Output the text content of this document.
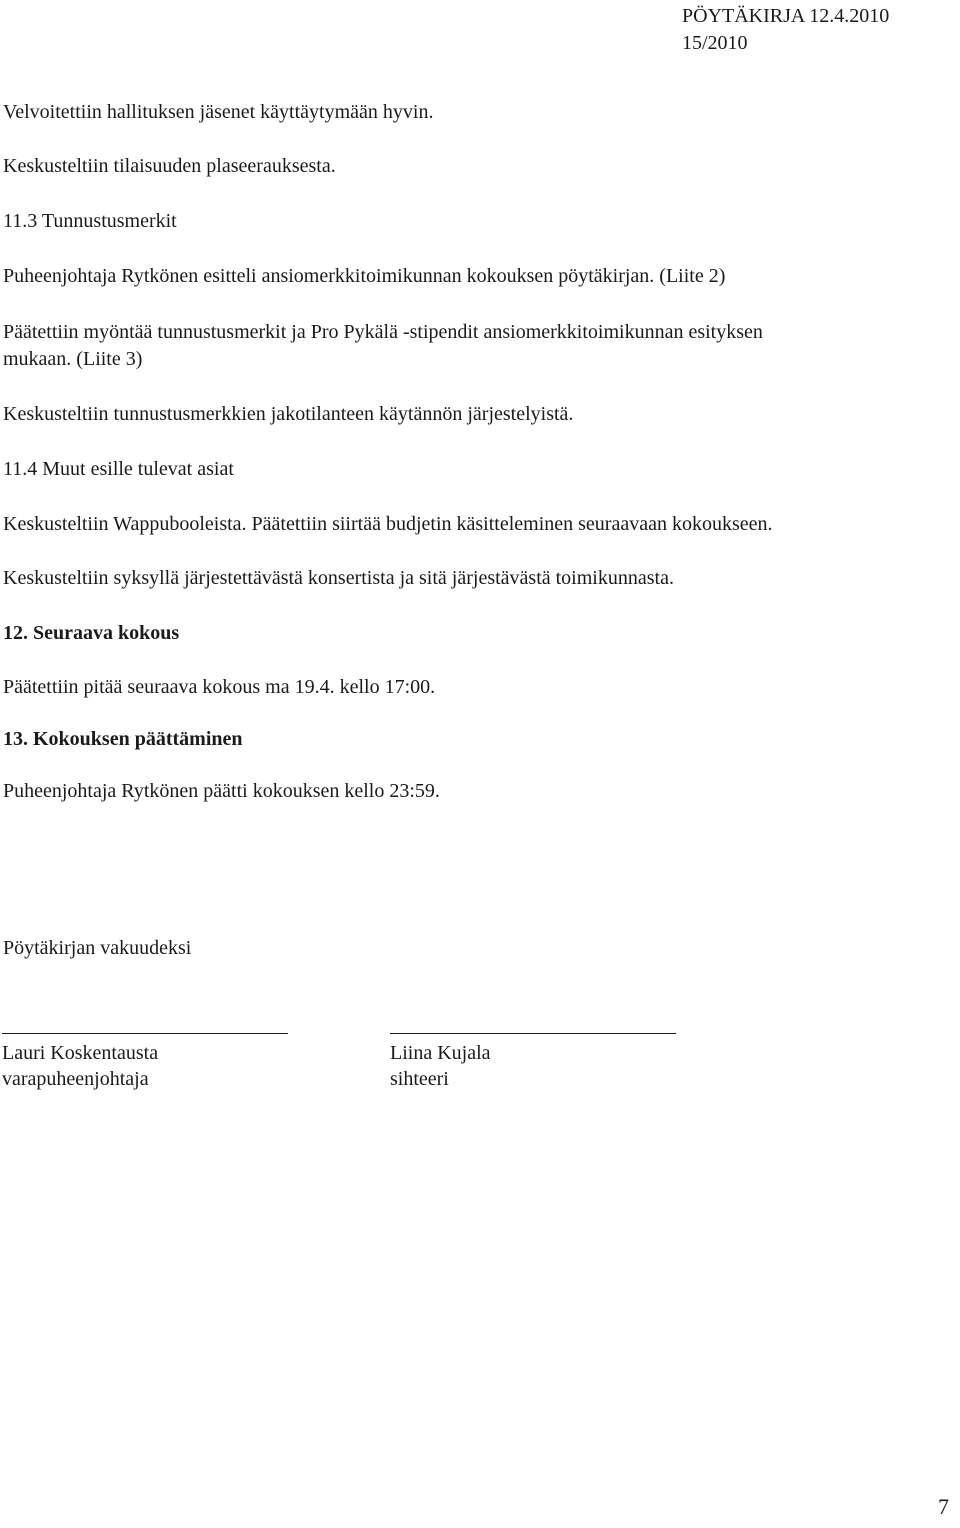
PÖYTÄKIRJA 12.4.2010
15/2010
Velvoitettiin hallituksen jäsenet käyttäytymään hyvin.
Keskusteltiin tilaisuuden plaseerauksesta.
11.3 Tunnustusmerkit
Puheenjohtaja Rytkönen esitteli ansiomerkkitoimikunnan kokouksen pöytäkirjan. (Liite 2)
Päätettiin myöntää tunnustusmerkit ja Pro Pykälä -stipendit ansiomerkkitoimikunnan esityksen
mukaan. (Liite 3)
Keskusteltiin tunnustusmerkkien jakotilanteen käytännön järjestelyistä.
11.4 Muut esille tulevat asiat
Keskusteltiin Wappubooleista. Päätettiin siirtää budjetin käsitteleminen seuraavaan kokoukseen.
Keskusteltiin syksyllä järjestettävästä konsertista ja sitä järjestävästä toimikunnasta.
12. Seuraava kokous
Päätettiin pitää seuraava kokous ma 19.4. kello 17:00.
13. Kokouksen päättäminen
Puheenjohtaja Rytkönen päätti kokouksen kello 23:59.
Pöytäkirjan vakuudeksi
Lauri Koskentausta
varapuheenjohtaja
Liina Kujala
sihteeri
7
